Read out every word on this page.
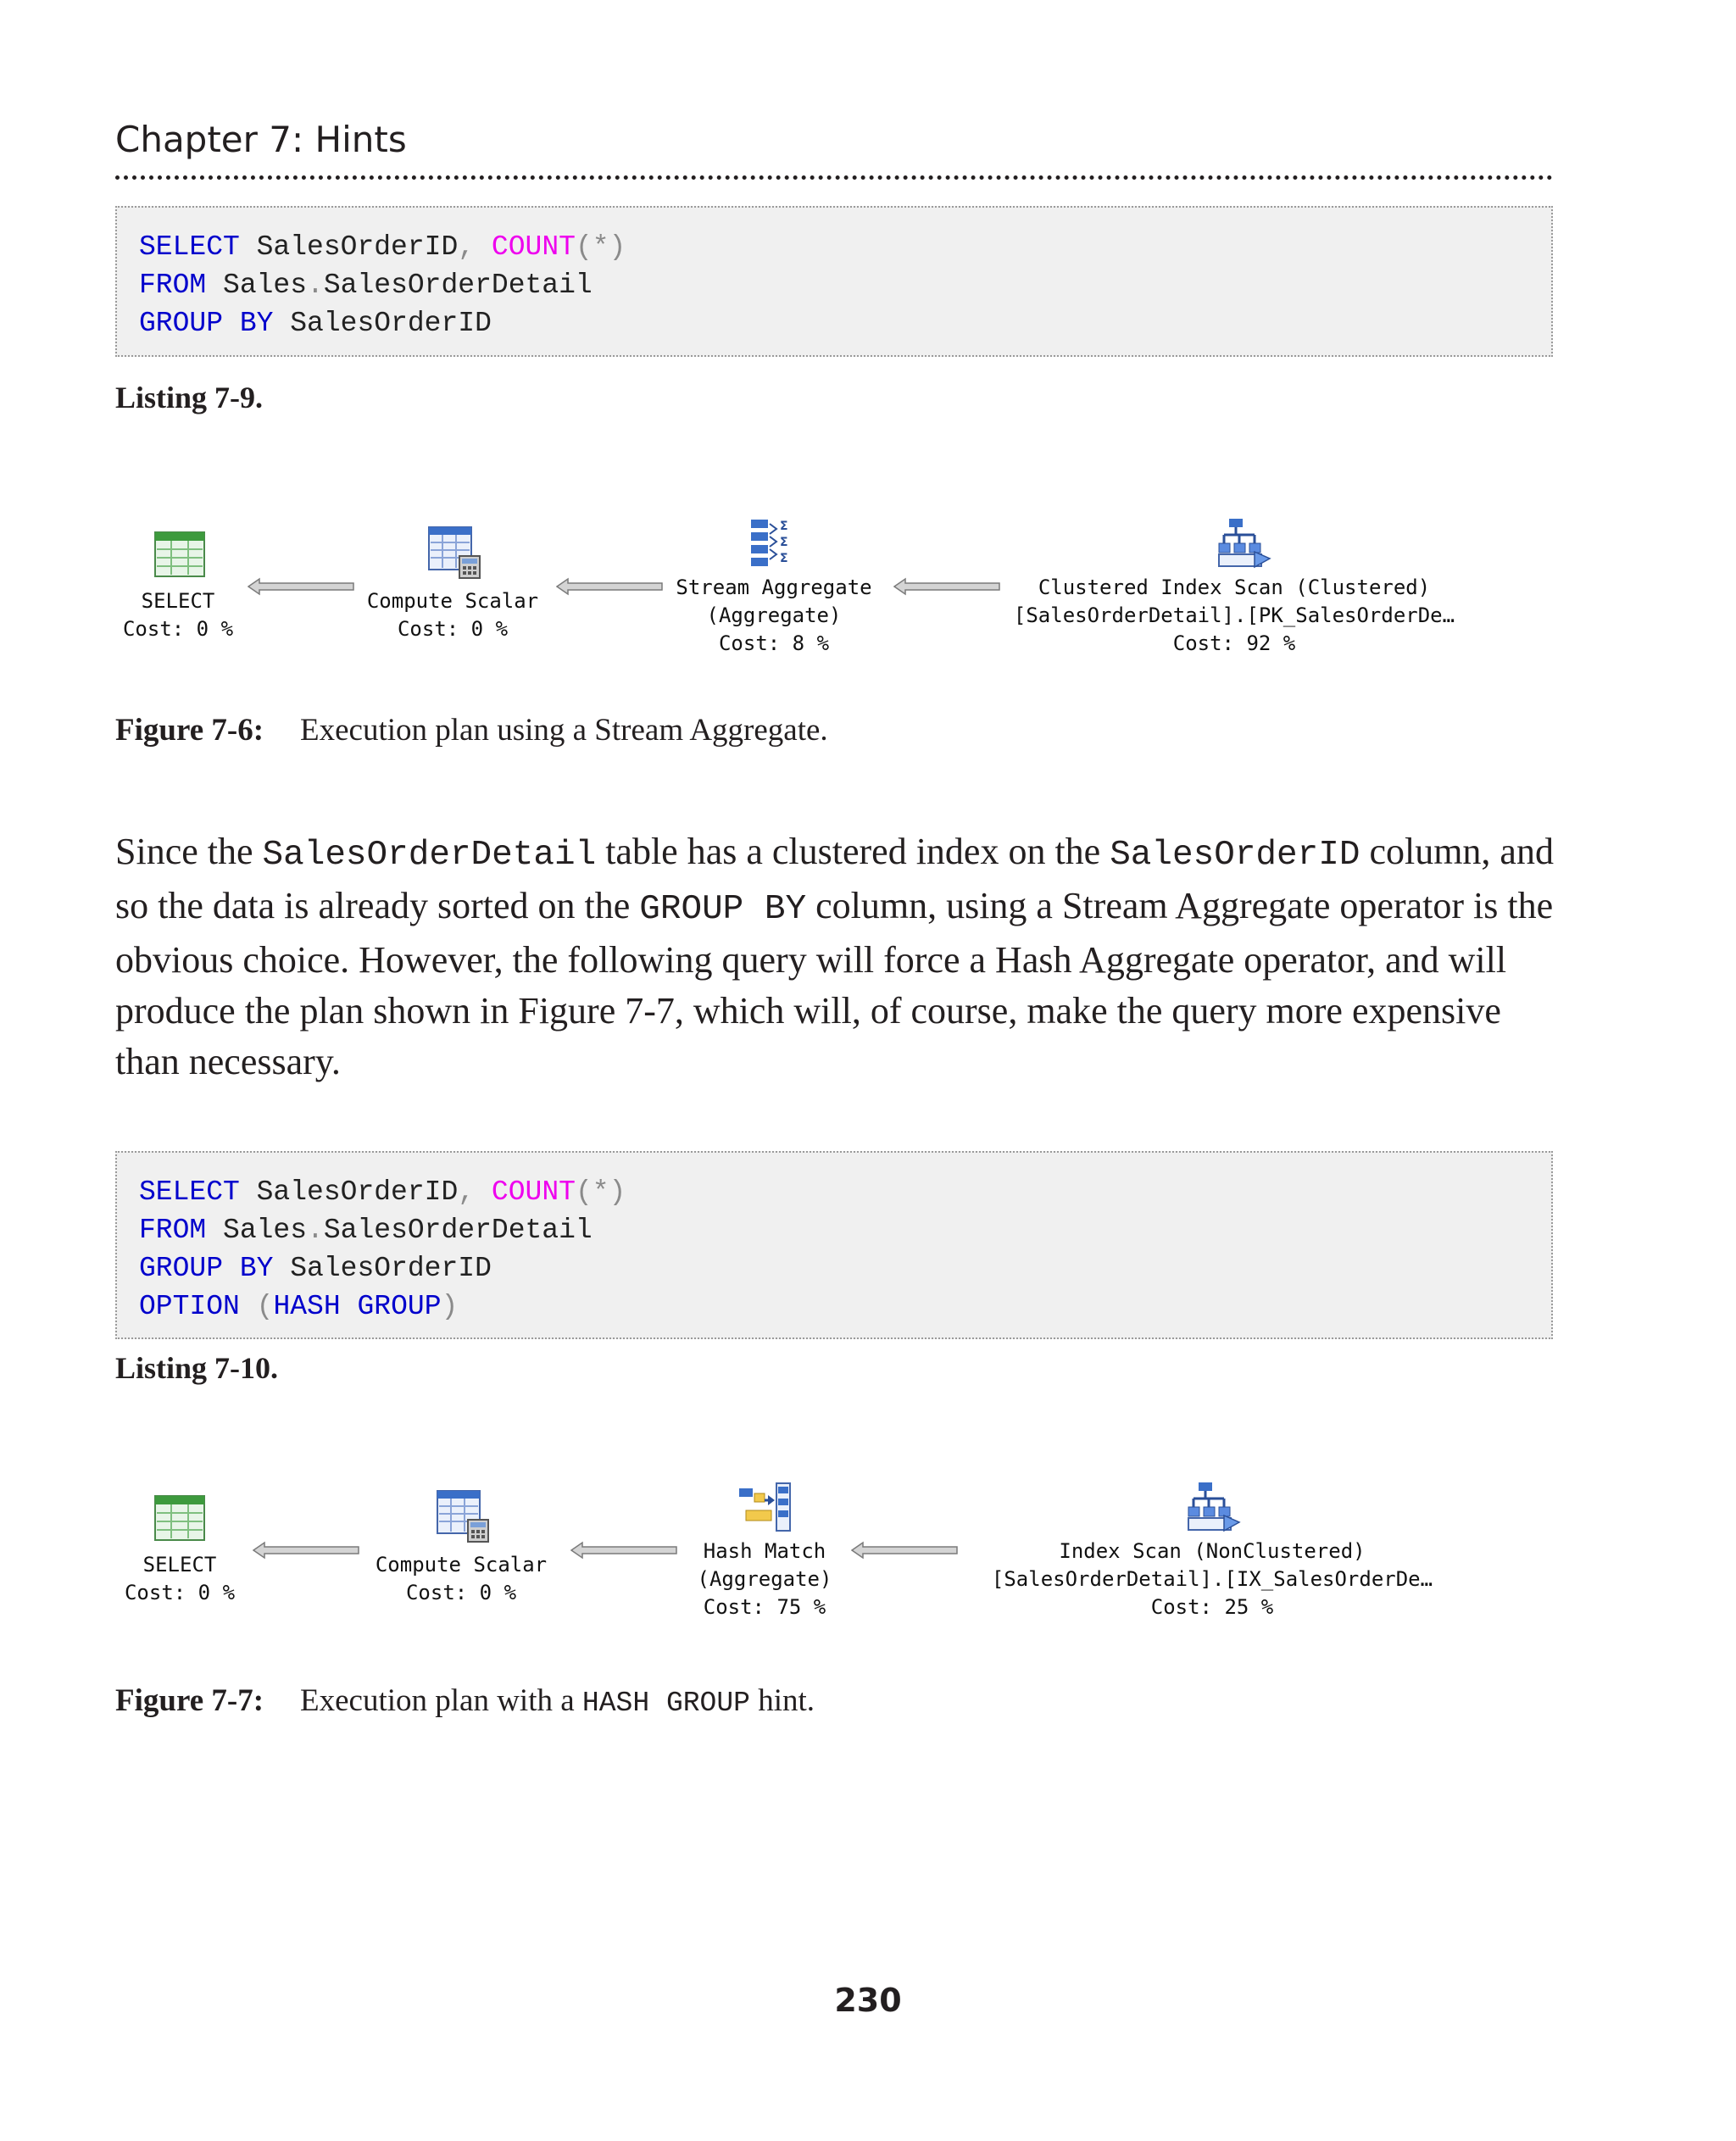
Chapter 7: Hints
SELECT SalesOrderID, COUNT(*)
FROM Sales.SalesOrderDetail
GROUP BY SalesOrderID
Listing 7-9.
SELECT
Cost: 0 %
Compute Scalar
Cost: 0 %
Σ
Σ
Σ
Stream Aggregate
(Aggregate)
Cost: 8 %
Clustered Index Scan (Clustered)
[SalesOrderDetail].[PK_SalesOrderDe…
Cost: 92 %
Figure 7-6: Execution plan using a Stream Aggregate.
Since the SalesOrderDetail table has a clustered index on the SalesOrderID column, and so the data is already sorted on the GROUP BY column, using a Stream Aggregate operator is the obvious choice. However, the following query will force a Hash Aggregate operator, and will produce the plan shown in Figure 7-7, which will, of course, make the query more expensive than necessary.
SELECT SalesOrderID, COUNT(*)
FROM Sales.SalesOrderDetail
GROUP BY SalesOrderID
OPTION (HASH GROUP)
Listing 7-10.
SELECT
Cost: 0 %
Compute Scalar
Cost: 0 %
Hash Match
(Aggregate)
Cost: 75 %
Index Scan (NonClustered)
[SalesOrderDetail].[IX_SalesOrderDe…
Cost: 25 %
Figure 7-7: Execution plan with a HASH GROUP hint.
230
